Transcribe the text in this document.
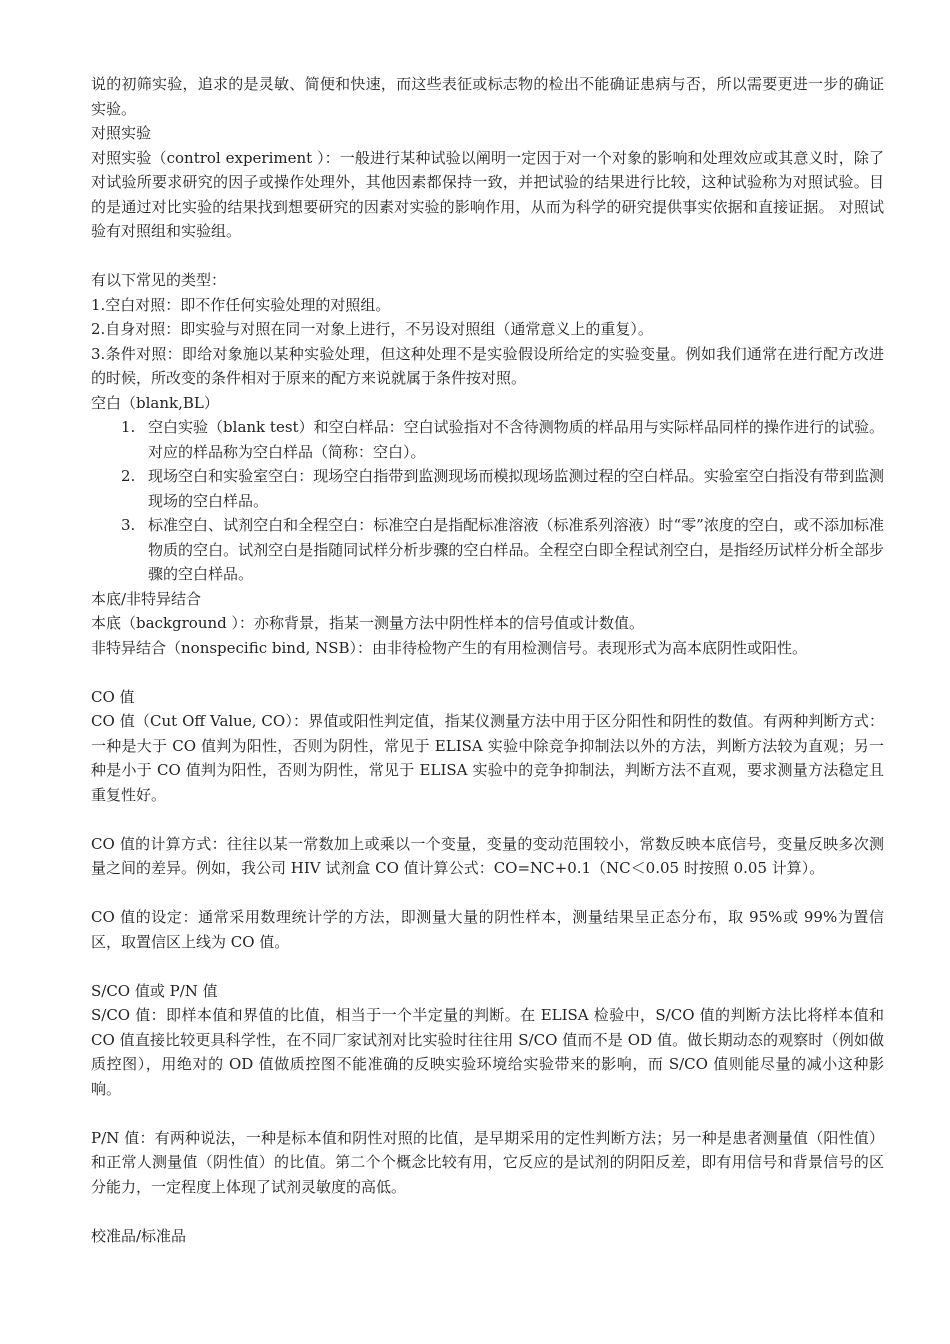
说的初筛实验，追求的是灵敏、简便和快速，而这些表征或标志物的检出不能确证患病与否，所以需要更进一步的确证实验。

对照实验

对照实验（control experiment ）：一般进行某种试验以阐明一定因于对一个对象的影响和处理效应或其意义时，除了对试验所要求研究的因子或操作处理外，其他因素都保持一致，并把试验的结果进行比较，这种试验称为对照试验。目的是通过对比实验的结果找到想要研究的因素对实验的影响作用，从而为科学的研究提供事实依据和直接证据。 对照试验有对照组和实验组。

有以下常见的类型：

1.空白对照：即不作任何实验处理的对照组。

2.自身对照：即实验与对照在同一对象上进行，不另设对照组（通常意义上的重复）。

3.条件对照：即给对象施以某种实验处理，但这种处理不是实验假设所给定的实验变量。例如我们通常在进行配方改进的时候，所改变的条件相对于原来的配方来说就属于条件按对照。

空白（blank,BL）

1. 空白实验（blank test）和空白样品：空白试验指对不含待测物质的样品用与实际样品同样的操作进行的试验。对应的样品称为空白样品（简称：空白）。
2. 现场空白和实验室空白：现场空白指带到监测现场而模拟现场监测过程的空白样品。实验室空白指没有带到监测现场的空白样品。
3. 标准空白、试剂空白和全程空白：标准空白是指配标准溶液（标准系列溶液）时“零”浓度的空白，或不添加标准物质的空白。试剂空白是指随同试样分析步骤的空白样品。全程空白即全程试剂空白，是指经历试样分析全部步骤的空白样品。

本底/非特异结合

本底（background ）：亦称背景，指某一测量方法中阴性样本的信号值或计数值。

非特异结合（nonspecific bind, NSB）：由非待检物产生的有用检测信号。表现形式为高本底阴性或阳性。

CO 值

CO 值（Cut Off Value, CO）：界值或阳性判定值，指某仪测量方法中用于区分阳性和阴性的数值。有两种判断方式：一种是大于 CO 值判为阳性，否则为阴性，常见于 ELISA 实验中除竞争抑制法以外的方法，判断方法较为直观；另一种是小于 CO 值判为阳性，否则为阴性，常见于 ELISA 实验中的竞争抑制法，判断方法不直观，要求测量方法稳定且重复性好。

CO 值的计算方式：往往以某一常数加上或乘以一个变量，变量的变动范围较小，常数反映本底信号，变量反映多次测量之间的差异。例如，我公司 HIV 试剂盒 CO 值计算公式：CO=NC+0.1（NC＜0.05 时按照 0.05 计算）。

CO 值的设定：通常采用数理统计学的方法，即测量大量的阴性样本，测量结果呈正态分布，取 95%或 99%为置信区，取置信区上线为 CO 值。

S/CO 值或 P/N 值

S/CO 值：即样本值和界值的比值，相当于一个半定量的判断。在 ELISA 检验中，S/CO 值的判断方法比将样本值和 CO 值直接比较更具科学性，在不同厂家试剂对比实验时往往用 S/CO 值而不是 OD 值。做长期动态的观察时（例如做质控图），用绝对的 OD 值做质控图不能准确的反映实验环境给实验带来的影响，而 S/CO 值则能尽量的减小这种影响。

P/N 值：有两种说法，一种是标本值和阴性对照的比值，是早期采用的定性判断方法；另一种是患者测量值（阳性值）和正常人测量值（阴性值）的比值。第二个个概念比较有用，它反应的是试剂的阴阳反差，即有用信号和背景信号的区分能力，一定程度上体现了试剂灵敏度的高低。

校准品/标准品
